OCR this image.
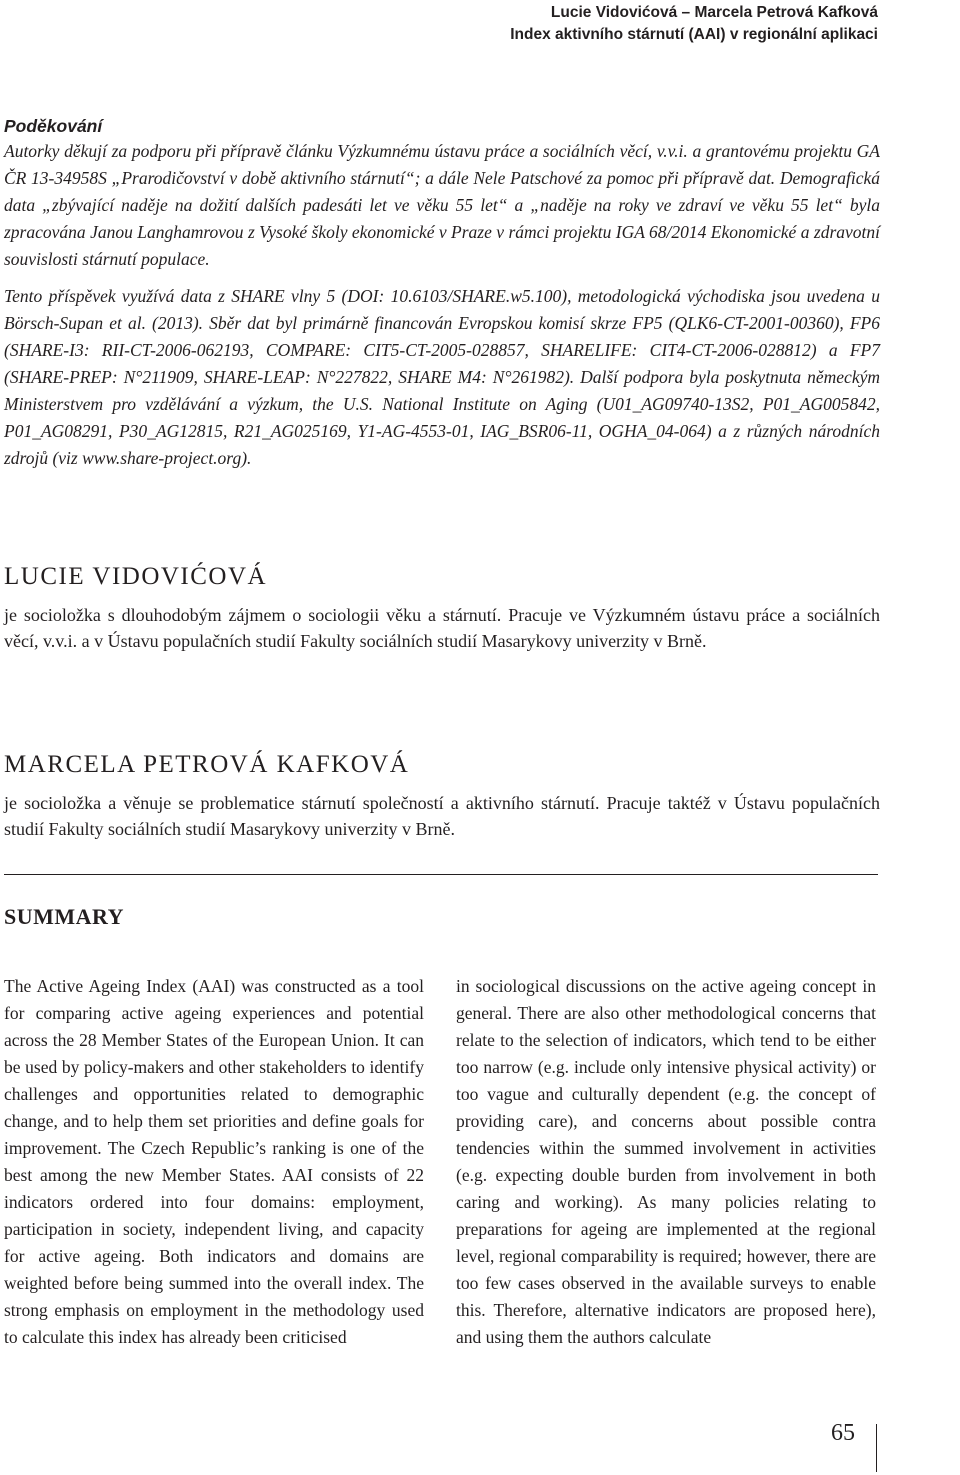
Lucie Vidovićová – Marcela Petrová Kafková
Index aktivního stárnutí (AAI) v regionální aplikaci
Poděkování

Autorky děkují za podporu při přípravě článku Výzkumnému ústavu práce a sociálních věcí, v.v.i. a grantovému projektu GA ČR 13-34958S „Prarodičovství v době aktivního stárnutí“; a dále Nele Patschové za pomoc při přípravě dat. Demografická data „zbývající naděje na dožití dalších padesáti let ve věku 55 let“ a „naděje na roky ve zdraví ve věku 55 let“ byla zpracována Janou Langhamrovou z Vysoké školy ekonomické v Praze v rámci projektu IGA 68/2014 Ekonomické a zdravotní souvislosti stárnutí populace.

Tento příspěvek využívá data z SHARE vlny 5 (DOI: 10.6103/SHARE.w5.100), metodologická východiska jsou uvedena u Börsch-Supan et al. (2013). Sběr dat byl primárně financován Evropskou komisí skrze FP5 (QLK6-CT-2001-00360), FP6 (SHARE-I3: RII-CT-2006-062193, COMPARE: CIT5-CT-2005-028857, SHARELIFE: CIT4-CT-2006-028812) a FP7 (SHARE-PREP: N°211909, SHARE-LEAP: N°227822, SHARE M4: N°261982). Další podpora byla poskytnuta německým Ministerstvem pro vzdělávání a výzkum, the U.S. National Institute on Aging (U01_AG09740-13S2, P01_AG005842, P01_AG08291, P30_AG12815, R21_AG025169, Y1-AG-4553-01, IAG_BSR06-11, OGHA_04-064) a z různých národních zdrojů (viz www.share-project.org).

LUCIE VIDOVIĆOVÁ

je socioložka s dlouhodobým zájmem o sociologii věku a stárnutí. Pracuje ve Výzkumném ústavu práce a sociálních věcí, v.v.i. a v Ústavu populačních studií Fakulty sociálních studií Masarykovy univerzity v Brně.

MARCELA PETROVÁ KAFKOVÁ

je socioložka a věnuje se problematice stárnutí společností a aktivního stárnutí. Pracuje taktéž v Ústavu populačních studií Fakulty sociálních studií Masarykovy univerzity v Brně.

SUMMARY

The Active Ageing Index (AAI) was constructed as a tool for comparing active ageing experiences and potential across the 28 Member States of the European Union. It can be used by policy-makers and other stakeholders to identify challenges and opportunities related to demographic change, and to help them set priorities and define goals for improvement. The Czech Republic’s ranking is one of the best among the new Member States. AAI consists of 22 indicators ordered into four domains: employment, participation in society, independent living, and capacity for active ageing. Both indicators and domains are weighted before being summed into the overall index. The strong emphasis on employment in the methodology used to calculate this index has already been criticised

in sociological discussions on the active ageing concept in general. There are also other methodological concerns that relate to the selection of indicators, which tend to be either too narrow (e.g. include only intensive physical activity) or too vague and culturally dependent (e.g. the concept of providing care), and concerns about possible contra tendencies within the summed involvement in activities (e.g. expecting double burden from involvement in both caring and working). As many policies relating to preparations for ageing are implemented at the regional level, regional comparability is required; however, there are too few cases observed in the available surveys to enable this. Therefore, alternative indicators are proposed here), and using them the authors calculate

65
